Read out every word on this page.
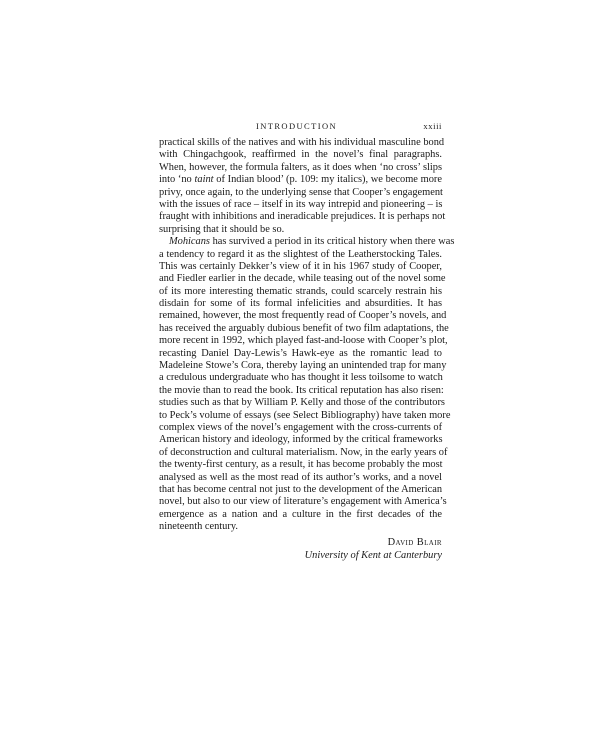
INTRODUCTION	xxiii
practical skills of the natives and with his individual masculine bond
with Chingachgook, reaffirmed in the novel’s final paragraphs.
When, however, the formula falters, as it does when ‘no cross’ slips
into ‘no taint of Indian blood’ (p. 109: my italics), we become more
privy, once again, to the underlying sense that Cooper’s engagement
with the issues of race – itself in its way intrepid and pioneering – is
fraught with inhibitions and ineradicable prejudices. It is perhaps not
surprising that it should be so.
Mohicans has survived a period in its critical history when there was
a tendency to regard it as the slightest of the Leatherstocking Tales.
This was certainly Dekker’s view of it in his 1967 study of Cooper,
and Fiedler earlier in the decade, while teasing out of the novel some
of its more interesting thematic strands, could scarcely restrain his
disdain for some of its formal infelicities and absurdities. It has
remained, however, the most frequently read of Cooper’s novels, and
has received the arguably dubious benefit of two film adaptations, the
more recent in 1992, which played fast-and-loose with Cooper’s plot,
recasting Daniel Day-Lewis’s Hawk-eye as the romantic lead to
Madeleine Stowe’s Cora, thereby laying an unintended trap for many
a credulous undergraduate who has thought it less toilsome to watch
the movie than to read the book. Its critical reputation has also risen:
studies such as that by William P. Kelly and those of the contributors
to Peck’s volume of essays (see Select Bibliography) have taken more
complex views of the novel’s engagement with the cross-currents of
American history and ideology, informed by the critical frameworks
of deconstruction and cultural materialism. Now, in the early years of
the twenty-first century, as a result, it has become probably the most
analysed as well as the most read of its author’s works, and a novel
that has become central not just to the development of the American
novel, but also to our view of literature’s engagement with America’s
emergence as a nation and a culture in the first decades of the
nineteenth century.
David Blair
University of Kent at Canterbury
